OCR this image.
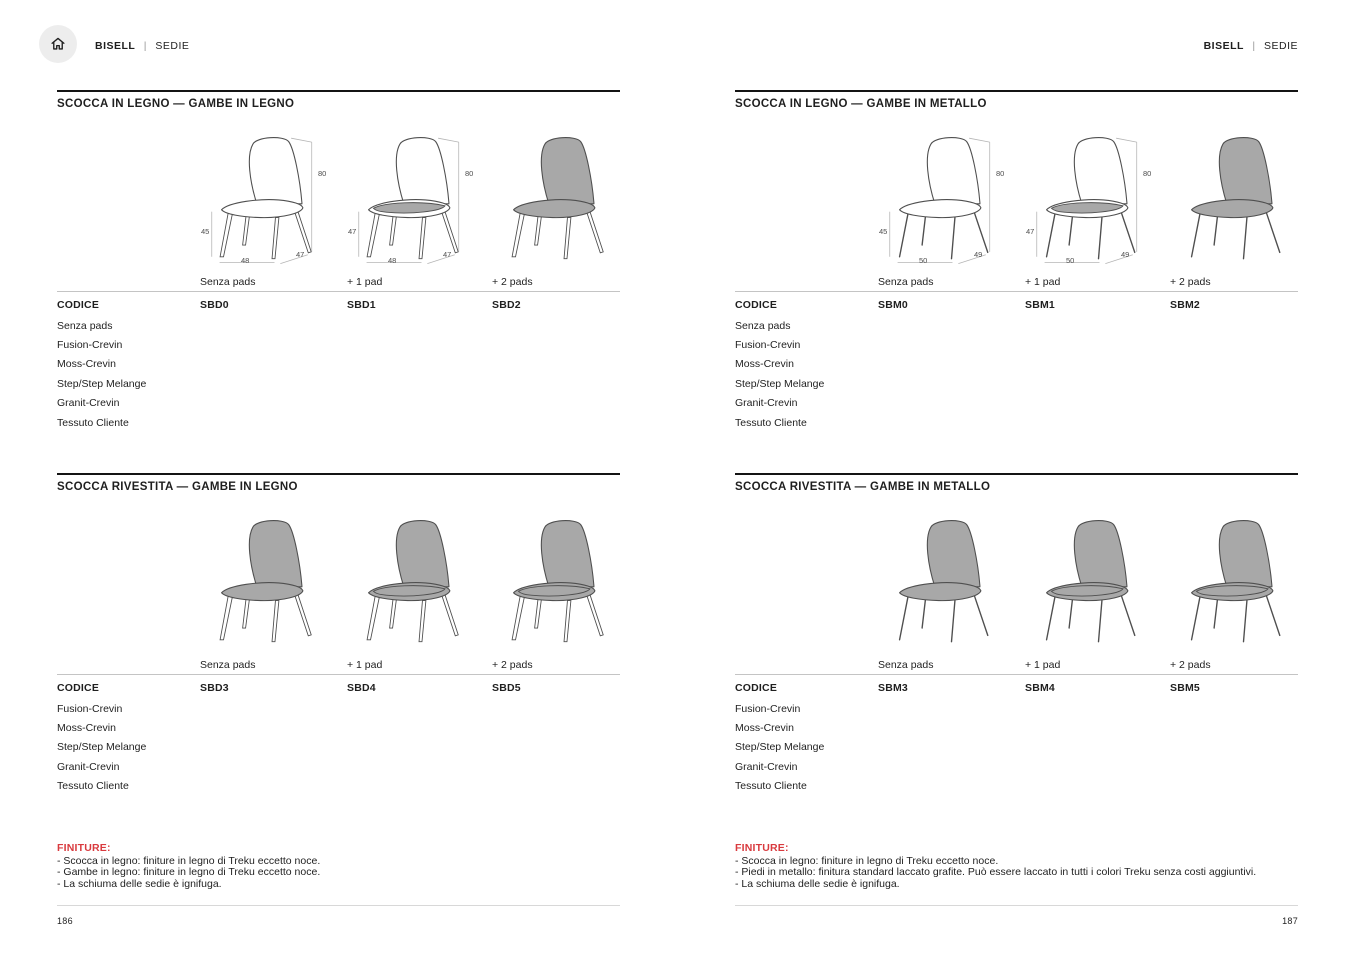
BISELL | SEDIE	BISELL | SEDIE
SCOCCA IN LEGNO — GAMBE IN LEGNO
45
48
47
80
47
48
47
80
Senza pads	+ 1 pad	+ 2 pads
CODICE	SBD0	SBD1	SBD2
Senza pads
Fusion-Crevin
Moss-Crevin
Step/Step Melange
Granit-Crevin
Tessuto Cliente
SCOCCA IN LEGNO — GAMBE IN METALLO
45
50
49
80
47
50
49
80
Senza pads	+ 1 pad	+ 2 pads
CODICE	SBM0	SBM1	SBM2
Senza pads
Fusion-Crevin
Moss-Crevin
Step/Step Melange
Granit-Crevin
Tessuto Cliente
SCOCCA RIVESTITA — GAMBE IN LEGNO
Senza pads	+ 1 pad	+ 2 pads
CODICE	SBD3	SBD4	SBD5
Fusion-Crevin
Moss-Crevin
Step/Step Melange
Granit-Crevin
Tessuto Cliente
SCOCCA RIVESTITA — GAMBE IN METALLO
Senza pads	+ 1 pad	+ 2 pads
CODICE	SBM3	SBM4	SBM5
Fusion-Crevin
Moss-Crevin
Step/Step Melange
Granit-Crevin
Tessuto Cliente
FINITURE:
- Scocca in legno: finiture in legno di Treku eccetto noce.
- Gambe in legno: finiture in legno di Treku eccetto noce.
- La schiuma delle sedie è ignifuga.
FINITURE:
- Scocca in legno: finiture in legno di Treku eccetto noce.
- Piedi in metallo: finitura standard laccato grafite. Può essere laccato in tutti i colori Treku senza costi aggiuntivi.
- La schiuma delle sedie è ignifuga.
186	187
